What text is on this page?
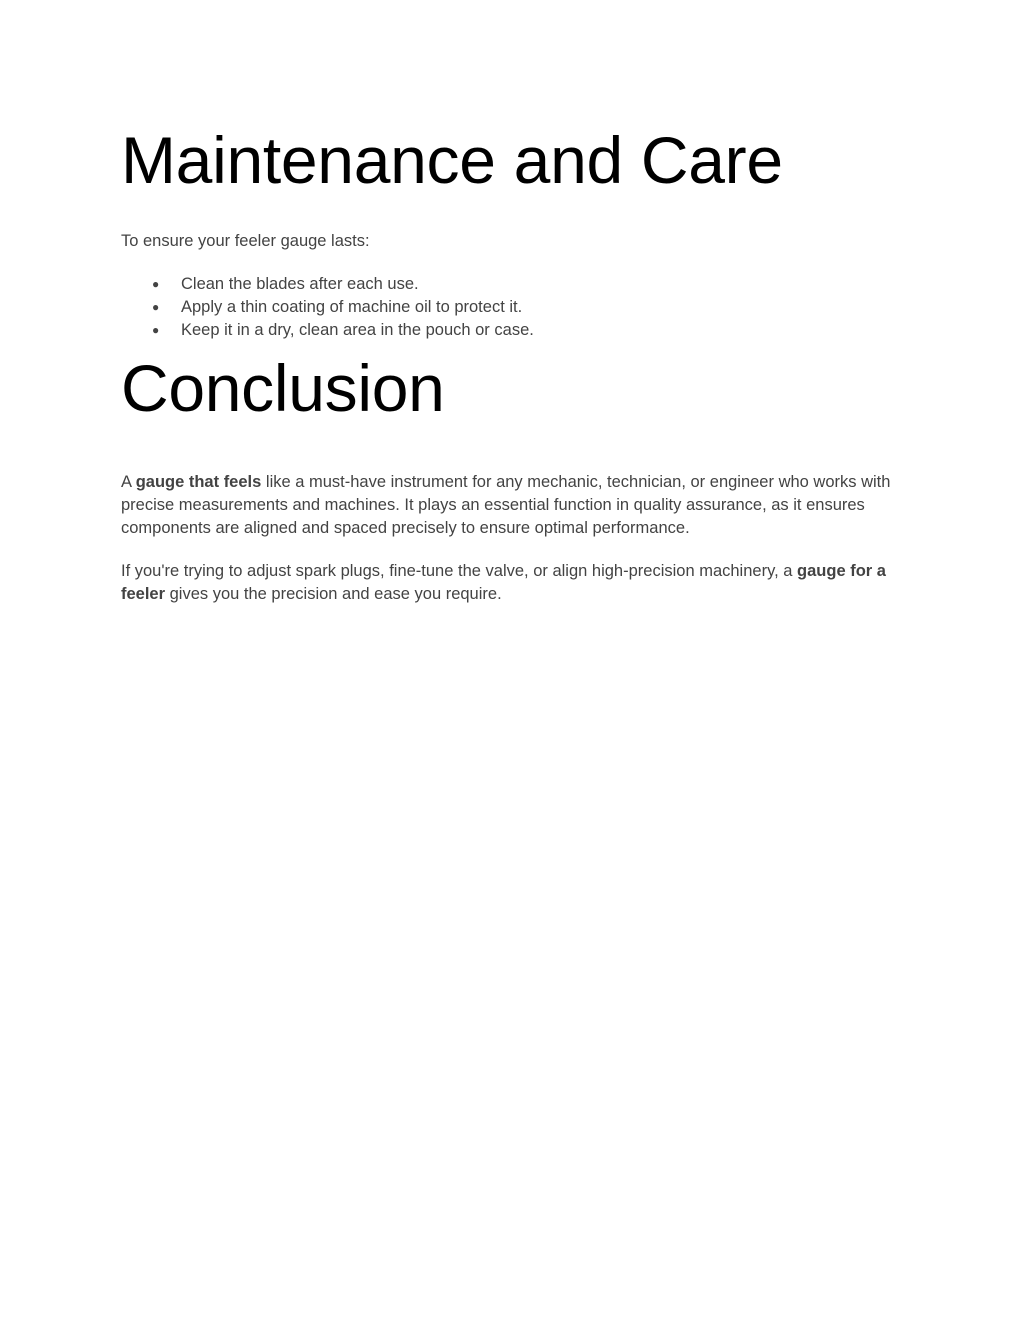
Maintenance and Care

To ensure your feeler gauge lasts:

● Clean the blades after each use.
● Apply a thin coating of machine oil to protect it.
● Keep it in a dry, clean area in the pouch or case.
Conclusion

A gauge that feels like a must-have instrument for any mechanic, technician, or engineer who works with precise measurements and machines. It plays an essential function in quality assurance, as it ensures components are aligned and spaced precisely to ensure optimal performance.

If you're trying to adjust spark plugs, fine-tune the valve, or align high-precision machinery, a gauge for a feeler gives you the precision and ease you require.
